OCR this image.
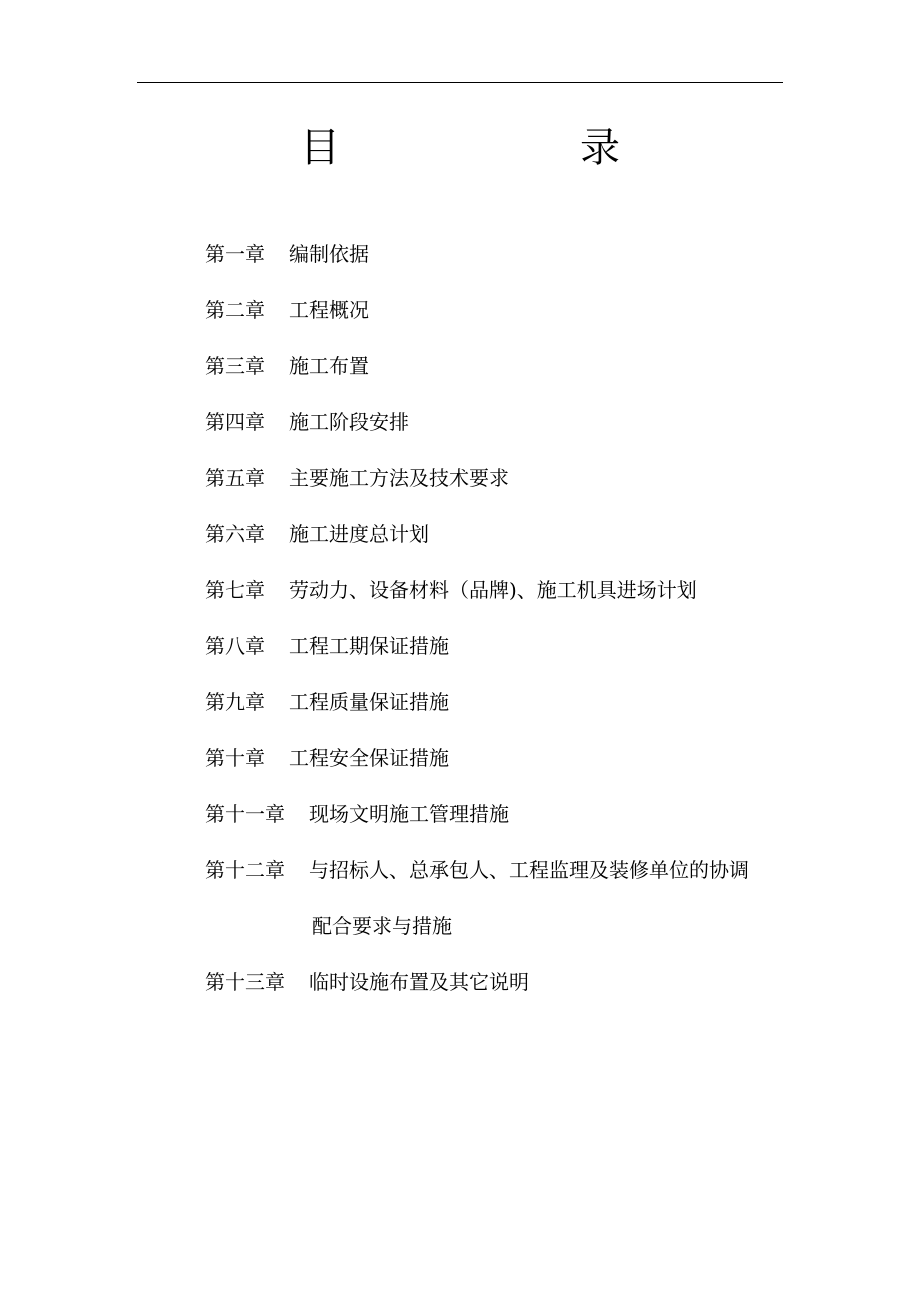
目	录
第一章 编制依据
第二章 工程概况
第三章 施工布置
第四章 施工阶段安排
第五章 主要施工方法及技术要求
第六章 施工进度总计划
第七章 劳动力、设备材料（品牌)、施工机具进场计划
第八章 工程工期保证措施
第九章 工程质量保证措施
第十章 工程安全保证措施
第十一章 现场文明施工管理措施
第十二章 与招标人、总承包人、工程监理及装修单位的协调
配合要求与措施
第十三章 临时设施布置及其它说明
